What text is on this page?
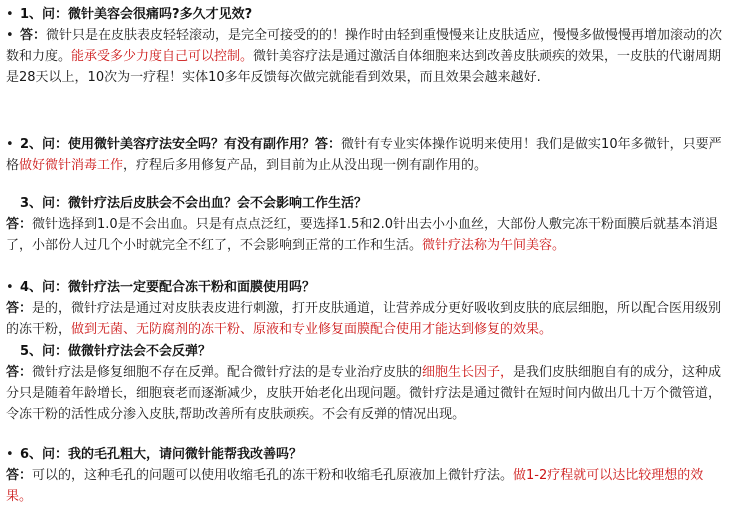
• 1、问：微针美容会很痛吗?多久才见效?
• 答：微针只是在皮肤表皮轻轻滚动，是完全可接受的的！操作时由轻到重慢慢来让皮肤适应，慢慢多做慢慢再增加滚动的次数和力度。能承受多少力度自己可以控制。微针美容疗法是通过激活自体细胞来达到改善皮肤顽疾的效果，一皮肤的代谢周期是28天以上，10次为一疗程！实体10多年反馈每次做完就能看到效果，而且效果会越来越好.
• 2、问：使用微针美容疗法安全吗？有没有副作用？答：微针有专业实体操作说明来使用！我们是做实10年多微针，只要严格做好微针消毒工作，疗程后多用修复产品，到目前为止从没出现一例有副作用的。
3、问：微针疗法后皮肤会不会出血？会不会影响工作生活？
答：微针选择到1.0是不会出血。只是有点点泛红，要选择1.5和2.0针出去小小血丝，大部份人敷完冻干粉面膜后就基本消退了，小部份人过几个小时就完全不红了，不会影响到正常的工作和生活。微针疗法称为午间美容。
• 4、问：微针疗法一定要配合冻干粉和面膜使用吗？
答：是的，微针疗法是通过对皮肤表皮进行刺激，打开皮肤通道，让营养成分更好吸收到皮肤的底层细胞，所以配合医用级别的冻干粉，做到无菌、无防腐剂的冻干粉、原液和专业修复面膜配合使用才能达到修复的效果。
5、问：做微针疗法会不会反弹？
答：微针疗法是修复细胞不存在反弹。配合微针疗法的是专业治疗皮肤的细胞生长因子，是我们皮肤细胞自有的成分，这种成分只是随着年龄增长，细胞衰老而逐渐减少，皮肤开始老化出现问题。微针疗法是通过微针在短时间内做出几十万个微管道，令冻干粉的活性成分渗入皮肤,帮助改善所有皮肤顽疾。不会有反弹的情况出现。
• 6、问：我的毛孔粗大，请问微针能帮我改善吗？
答：可以的，这种毛孔的问题可以使用收缩毛孔的冻干粉和收缩毛孔原液加上微针疗法。做1-2疗程就可以达比较理想的效果。
